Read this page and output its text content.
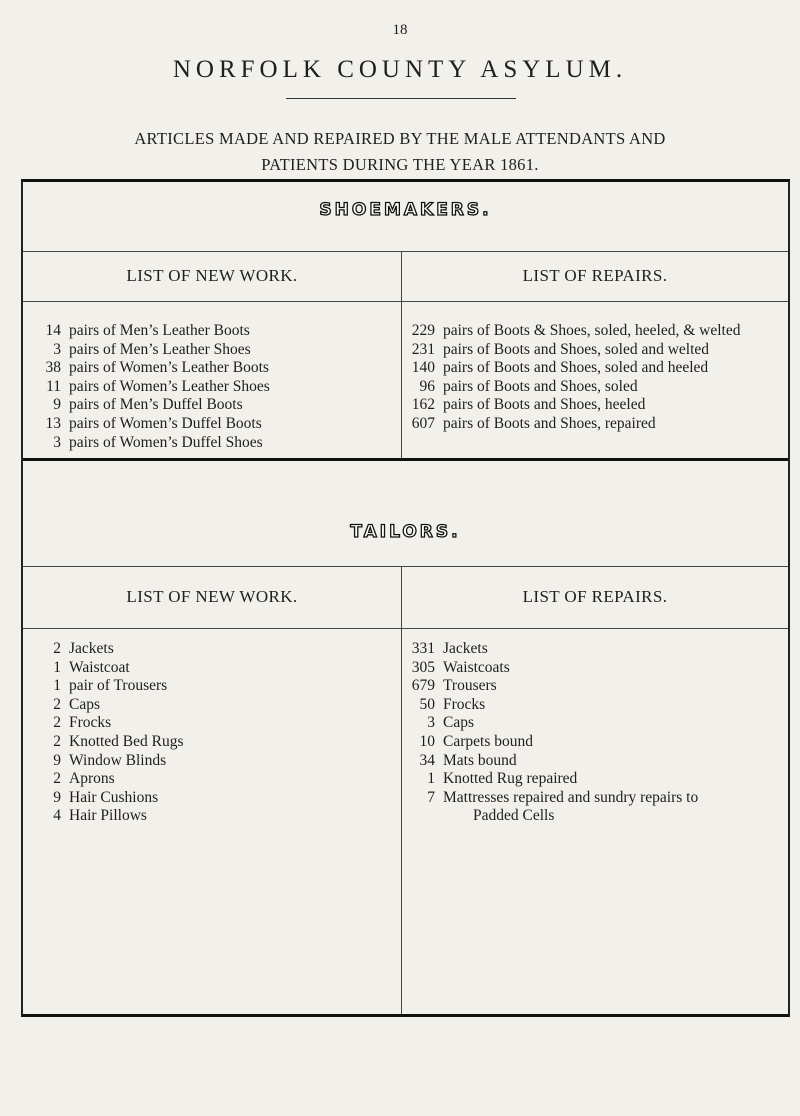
18
NORFOLK COUNTY ASYLUM.
ARTICLES MADE AND REPAIRED BY THE MALE ATTENDANTS AND
PATIENTS DURING THE YEAR 1861.
SHOEMAKERS.
LIST OF NEW WORK.	LIST OF REPAIRS.
14 pairs of Men’s Leather Boots
3 pairs of Men’s Leather Shoes
38 pairs of Women’s Leather Boots
11 pairs of Women’s Leather Shoes
9 pairs of Men’s Duffel Boots
13 pairs of Women’s Duffel Boots
3 pairs of Women’s Duffel Shoes
229 pairs of Boots & Shoes, soled, heeled, & welted
231 pairs of Boots and Shoes, soled and welted
140 pairs of Boots and Shoes, soled and heeled
96 pairs of Boots and Shoes, soled
162 pairs of Boots and Shoes, heeled
607 pairs of Boots and Shoes, repaired
TAILORS.
LIST OF NEW WORK.	LIST OF REPAIRS.
2 Jackets
1 Waistcoat
1 pair of Trousers
2 Caps
2 Frocks
2 Knotted Bed Rugs
9 Window Blinds
2 Aprons
9 Hair Cushions
4 Hair Pillows
331 Jackets
305 Waistcoats
679 Trousers
50 Frocks
3 Caps
10 Carpets bound
34 Mats bound
1 Knotted Rug repaired
7 Mattresses repaired and sundry repairs to
Padded Cells
